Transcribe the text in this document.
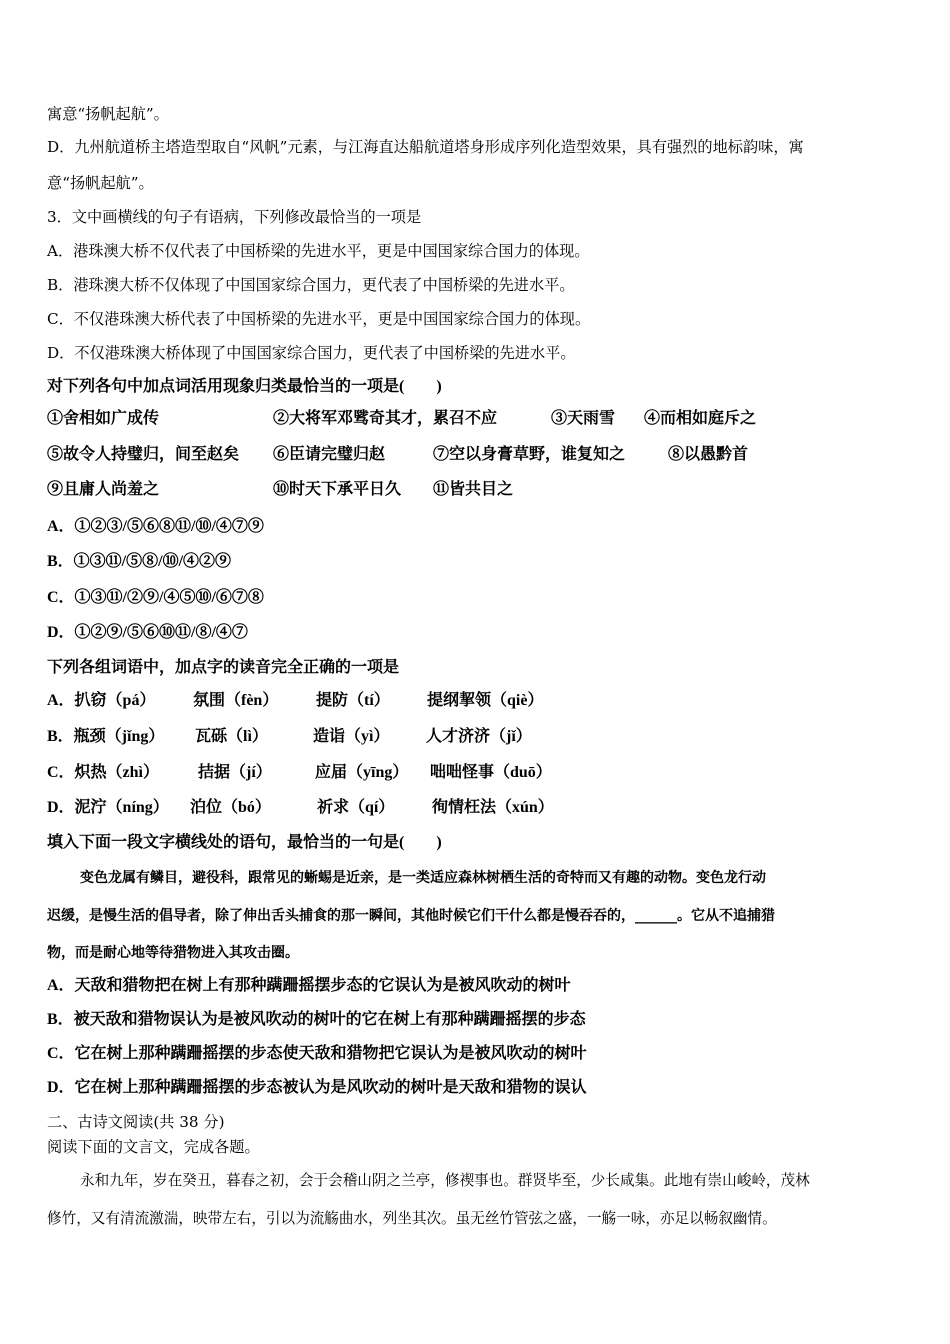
寓意“扬帆起航”。
D．九州航道桥主塔造型取自“风帆”元素，与江海直达船航道塔身形成序列化造型效果，具有强烈的地标韵味，寓
意“扬帆起航”。
3．文中画横线的句子有语病，下列修改最恰当的一项是
A．港珠澳大桥不仅代表了中国桥梁的先进水平，更是中国国家综合国力的体现。
B．港珠澳大桥不仅体现了中国国家综合国力，更代表了中国桥梁的先进水平。
C．不仅港珠澳大桥代表了中国桥梁的先进水平，更是中国国家综合国力的体现。
D．不仅港珠澳大桥体现了中国国家综合国力，更代表了中国桥梁的先进水平。
对下列各句中加点词活用现象归类最恰当的一项是(　　)
①舍相如广成传	②大将军邓骘奇其才，累召不应	③天雨雪 ④而相如庭斥之
⑤故令人持璧归，间至赵矣 ⑥臣请完璧归赵	⑦空以身膏草野，谁复知之	⑧以愚黔首
⑨且庸人尚羞之	⑩时天下承平日久 ⑪皆共目之
A．①②③/⑤⑥⑧⑪/⑩/④⑦⑨
B．①③⑪/⑤⑧/⑩/④②⑨
C．①③⑪/②⑨/④⑤⑩/⑥⑦⑧
D．①②⑨/⑤⑥⑩⑪/⑧/④⑦
下列各组词语中，加点字的读音完全正确的一项是
A．扒窃（pá） 氛围（fèn） 提防（tí） 提纲挈领（qiè）
B．瓶颈（jǐng） 瓦砾（lì）	造诣（yì） 人才济济（jǐ）
C．炽热（zhì） 拮据（jí）	应届（yīng） 咄咄怪事（duō）
D．泥泞（níng） 泊位（bó）	祈求（qí） 徇情枉法（xún）
填入下面一段文字横线处的语句，最恰当的一句是(　　)
变色龙属有鳞目，避役科，跟常见的蜥蜴是近亲，是一类适应森林树栖生活的奇特而又有趣的动物。变色龙行动
迟缓，是慢生活的倡导者，除了伸出舌头捕食的那一瞬间，其他时候它们干什么都是慢吞吞的，______。它从不追捕猎
物，而是耐心地等待猎物进入其攻击圈。
A．天敌和猎物把在树上有那种蹒跚摇摆步态的它误认为是被风吹动的树叶
B．被天敌和猎物误认为是被风吹动的树叶的它在树上有那种蹒跚摇摆的步态
C．它在树上那种蹒跚摇摆的步态使天敌和猎物把它误认为是被风吹动的树叶
D．它在树上那种蹒跚摇摆的步态被认为是风吹动的树叶是天敌和猎物的误认
二、古诗文阅读(共 38 分)
阅读下面的文言文，完成各题。
永和九年，岁在癸丑，暮春之初，会于会稽山阴之兰亭，修禊事也。群贤毕至，少长咸集。此地有崇山峻岭，茂林
修竹，又有清流激湍，映带左右，引以为流觞曲水，列坐其次。虽无丝竹管弦之盛，一觞一咏，亦足以畅叙幽情。
